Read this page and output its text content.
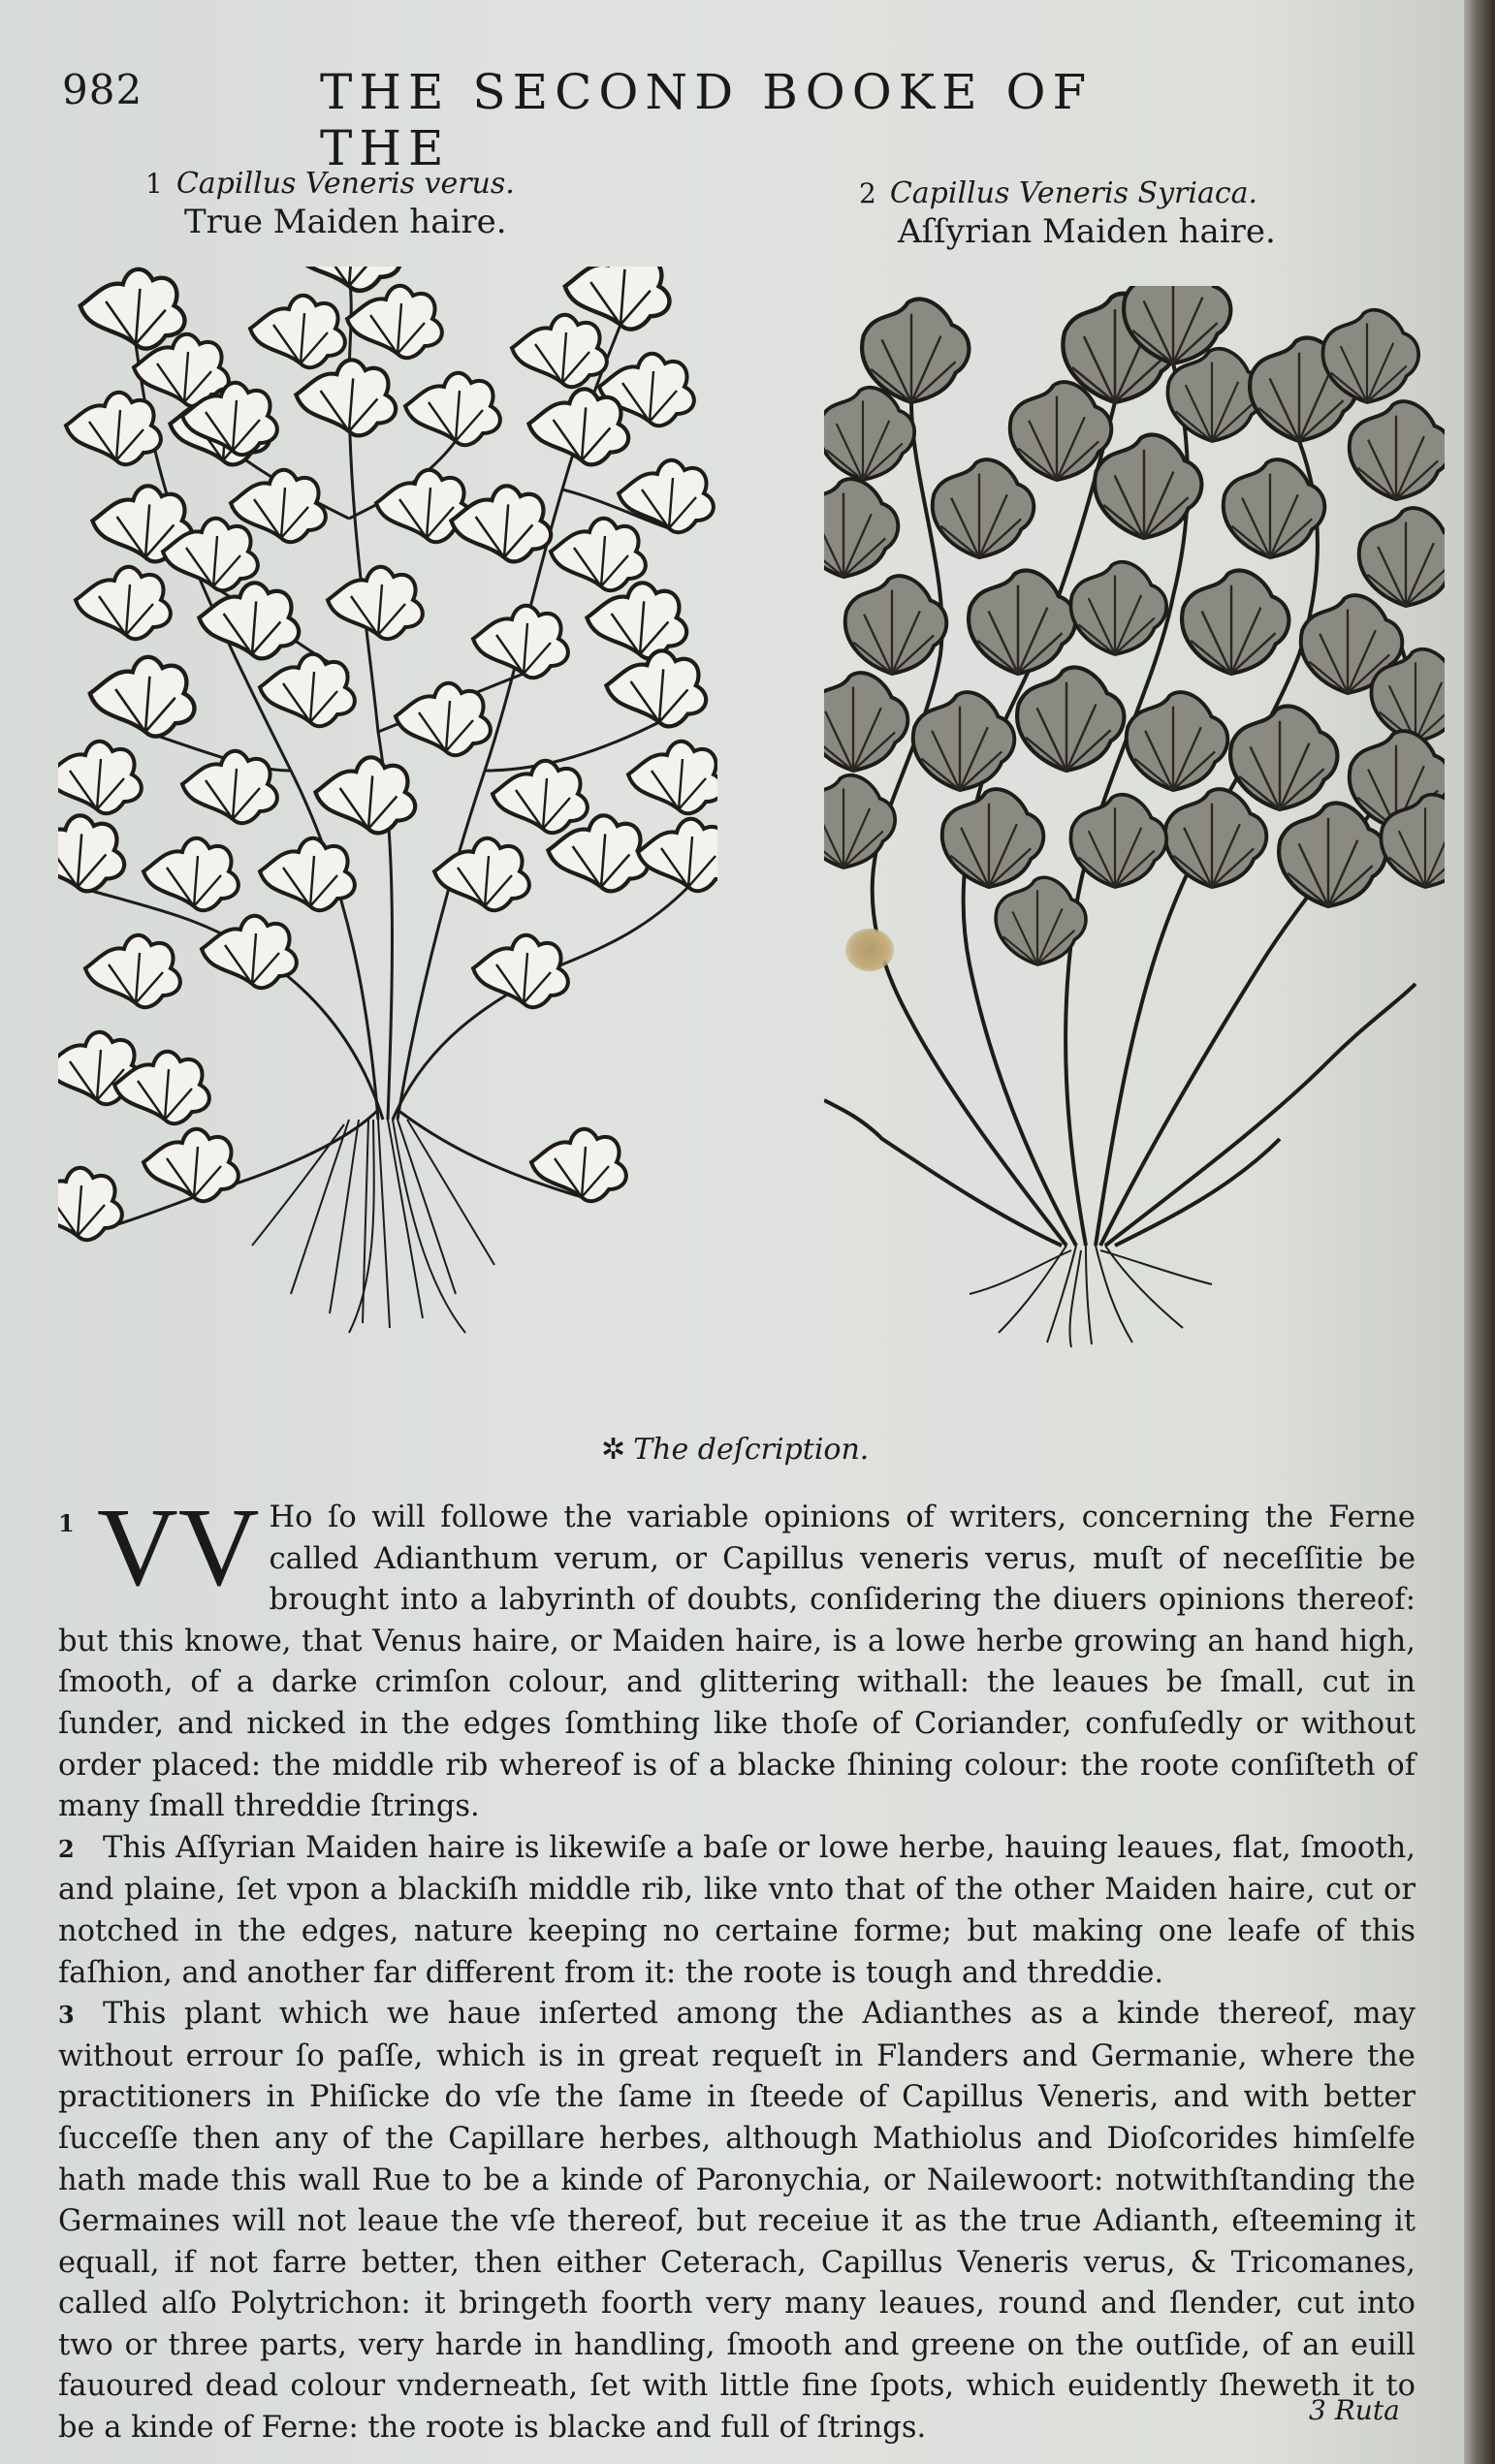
982	THE SECOND BOOKE OF THE
1 Capillus Veneris verus.
True Maiden haire.
2 Capillus Veneris Syriaca.
Aſſyrian Maiden haire.
✲ The deſcription.

1 VV Ho ſo will followe the variable opinions of writers, concerning the Ferne called Adianthum verum, or Capillus veneris verus, muſt of neceſſitie be brought into a labyrinth of doubts, conſidering the diuers opinions thereof: but this knowe, that Venus haire, or Maiden haire, is a lowe herbe growing an hand high, ſmooth, of a darke crimſon colour, and glittering withall: the leaues be ſmall, cut in ſunder, and nicked in the edges ſomthing like thoſe of Coriander, confuſedly or without order placed: the middle rib whereof is of a blacke ſhining colour: the roote conſiſteth of many ſmall threddie ſtrings.

2 This Aſſyrian Maiden haire is likewiſe a baſe or lowe herbe, hauing leaues, flat, ſmooth, and plaine, ſet vpon a blackiſh middle rib, like vnto that of the other Maiden haire, cut or notched in the edges, nature keeping no certaine forme; but making one leafe of this faſhion, and another far different from it: the roote is tough and threddie.

3 This plant which we haue inſerted among the Adianthes as a kinde thereof, may without errour ſo paſſe, which is in great requeſt in Flanders and Germanie, where the practitioners in Phiſicke do vſe the ſame in ſteede of Capillus Veneris, and with better ſucceſſe then any of the Capillare herbes, although Mathiolus and Dioſcorides himſelfe hath made this wall Rue to be a kinde of Paronychia, or Nailewoort: notwithſtanding the Germaines will not leaue the vſe thereof, but receiue it as the true Adianth, eſteeming it equall, if not farre better, then either Ceterach, Capillus Veneris verus, & Tricomanes, called alſo Polytrichon: it bringeth foorth very many leaues, round and ſlender, cut into two or three parts, very harde in handling, ſmooth and greene on the outſide, of an euill fauoured dead colour vnderneath, ſet with little fine ſpots, which euidently ſheweth it to be a kinde of Ferne: the roote is blacke and full of ſtrings.

3 Ruta
